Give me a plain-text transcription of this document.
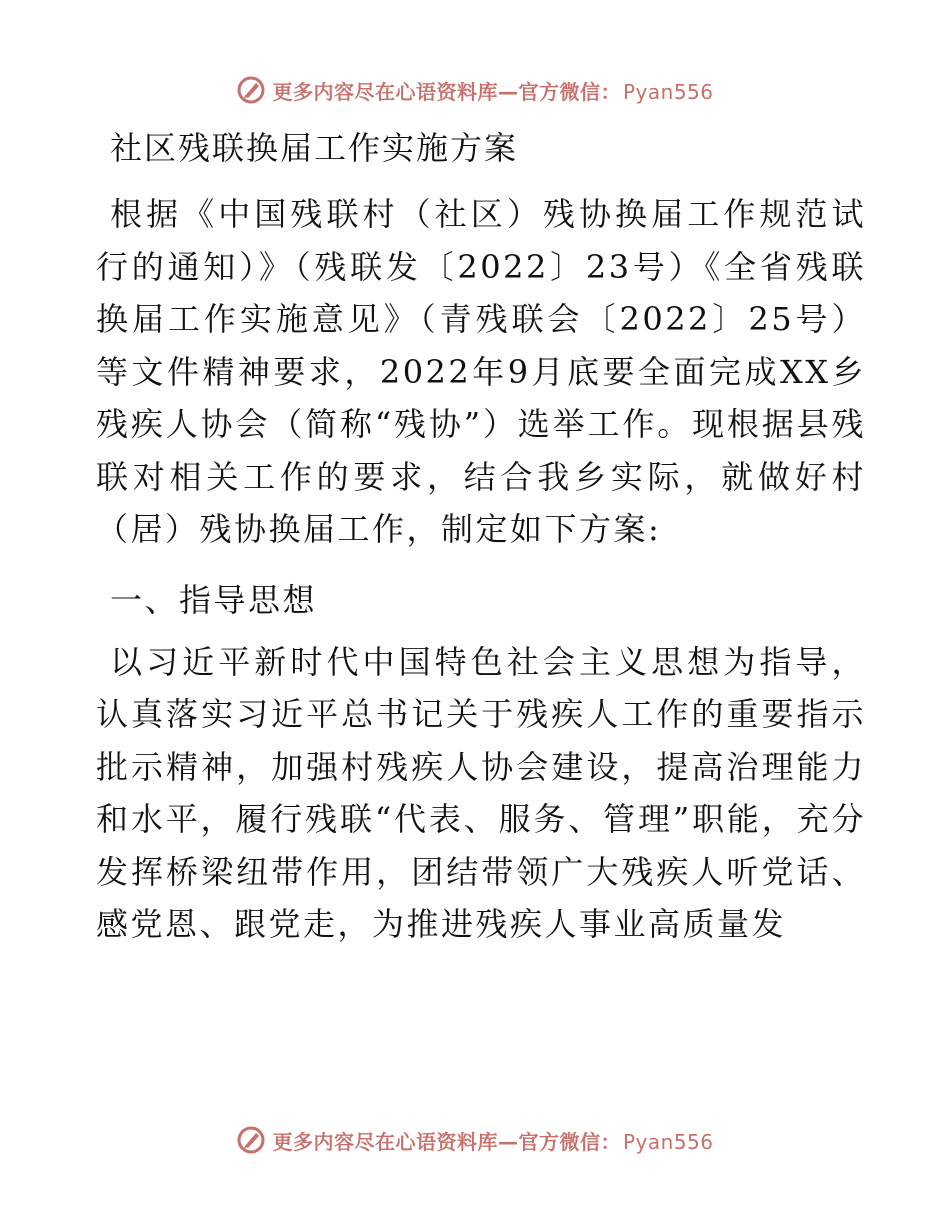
更多内容尽在心语资料库—官方微信： Pyan556
社区残联换届工作实施方案

根据《中国残联村（社区）残协换届工作规范试行的通知）》（残联发〔2022〕23号）《全省残联换届工作实施意见》（青残联会〔2022〕25号）等文件精神要求，2022年9月底要全面完成XX乡残疾人协会（简称“残协”）选举工作。现根据县残联对相关工作的要求，结合我乡实际，就做好村（居）残协换届工作，制定如下方案:

一、指导思想

以习近平新时代中国特色社会主义思想为指导，认真落实习近平总书记关于残疾人工作的重要指示批示精神，加强村残疾人协会建设，提高治理能力和水平，履行残联“代表、服务、管理”职能，充分发挥桥梁纽带作用，团结带领广大残疾人听党话、感党恩、跟党走，为推进残疾人事业高质量发

更多内容尽在心语资料库—官方微信： Pyan556
